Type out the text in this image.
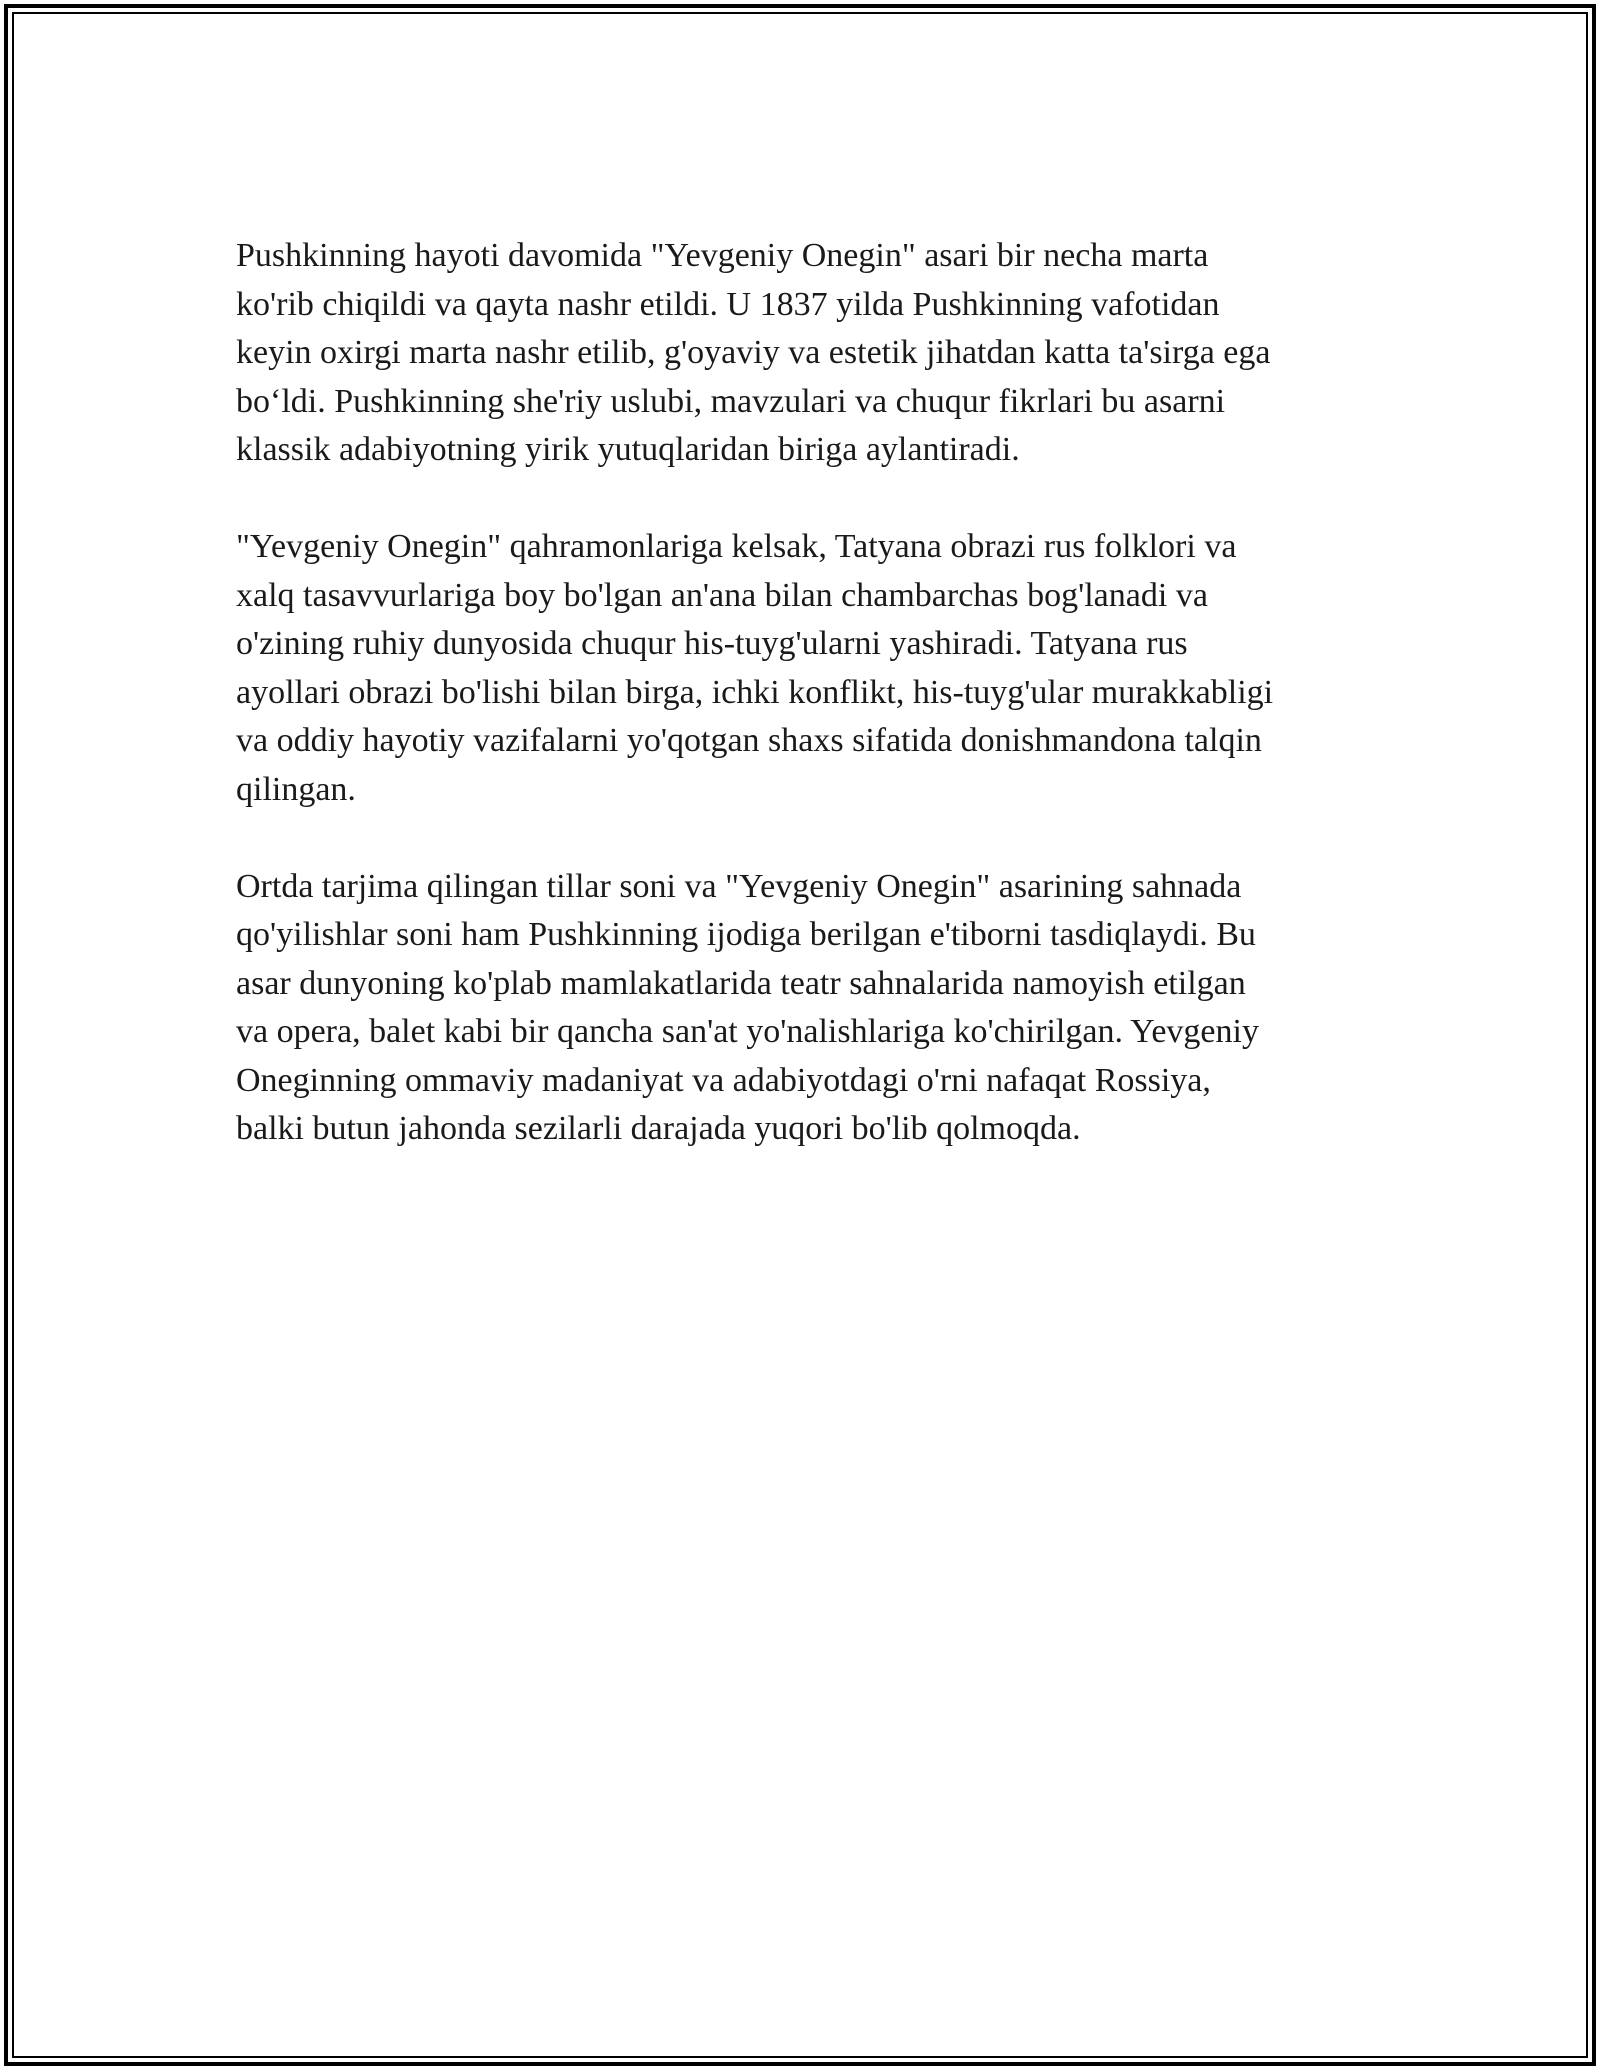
Pushkinning hayoti davomida "Yevgeniy Onegin" asari bir necha marta
ko'rib chiqildi va qayta nashr etildi. U 1837 yilda Pushkinning vafotidan
keyin oxirgi marta nashr etilib, g'oyaviy va estetik jihatdan katta ta'sirga ega
bo‘ldi. Pushkinning she'riy uslubi, mavzulari va chuqur fikrlari bu asarni
klassik adabiyotning yirik yutuqlaridan biriga aylantiradi.

"Yevgeniy Onegin" qahramonlariga kelsak, Tatyana obrazi rus folklori va
xalq tasavvurlariga boy bo'lgan an'ana bilan chambarchas bog'lanadi va
o'zining ruhiy dunyosida chuqur his-tuyg'ularni yashiradi. Tatyana rus
ayollari obrazi bo'lishi bilan birga, ichki konflikt, his-tuyg'ular murakkabligi
va oddiy hayotiy vazifalarni yo'qotgan shaxs sifatida donishmandona talqin
qilingan.

Ortda tarjima qilingan tillar soni va "Yevgeniy Onegin" asarining sahnada
qo'yilishlar soni ham Pushkinning ijodiga berilgan e'tiborni tasdiqlaydi. Bu
asar dunyoning ko'plab mamlakatlarida teatr sahnalarida namoyish etilgan
va opera, balet kabi bir qancha san'at yo'nalishlariga ko'chirilgan. Yevgeniy
Oneginning ommaviy madaniyat va adabiyotdagi o'rni nafaqat Rossiya,
balki butun jahonda sezilarli darajada yuqori bo'lib qolmoqda.
